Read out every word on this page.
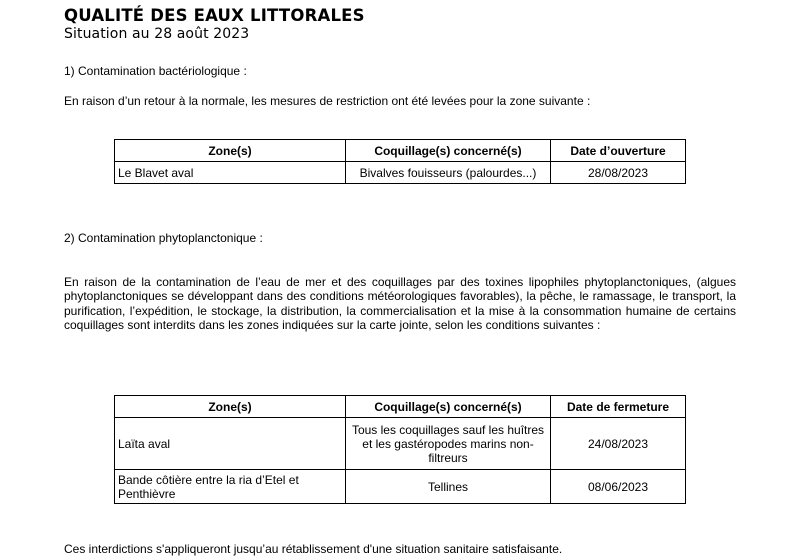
QUALITÉ DES EAUX LITTORALES
Situation au 28 août 2023
1) Contamination bactériologique :
En raison d’un retour à la normale, les mesures de restriction ont été levées pour la zone suivante :
Zone(s)	Coquillage(s) concerné(s)	Date d’ouverture
Le Blavet aval	Bivalves fouisseurs (palourdes...)	28/08/2023
2) Contamination phytoplanctonique :
En raison de la contamination de l’eau de mer et des coquillages par des toxines lipophiles phytoplanctoniques, (algues phytoplanctoniques se développant dans des conditions météorologiques favorables), la pêche, le ramassage, le transport, la purification, l’expédition, le stockage, la distribution, la commercialisation et la mise à la consommation humaine de certains coquillages sont interdits dans les zones indiquées sur la carte jointe, selon les conditions suivantes :
Zone(s)	Coquillage(s) concerné(s)	Date de fermeture
Laïta aval	Tous les coquillages sauf les huîtres et les gastéropodes marins non-filtreurs	24/08/2023
Bande côtière entre la ria d’Etel et Penthièvre	Tellines	08/06/2023
Ces interdictions s'appliqueront jusqu’au rétablissement d'une situation sanitaire satisfaisante.
